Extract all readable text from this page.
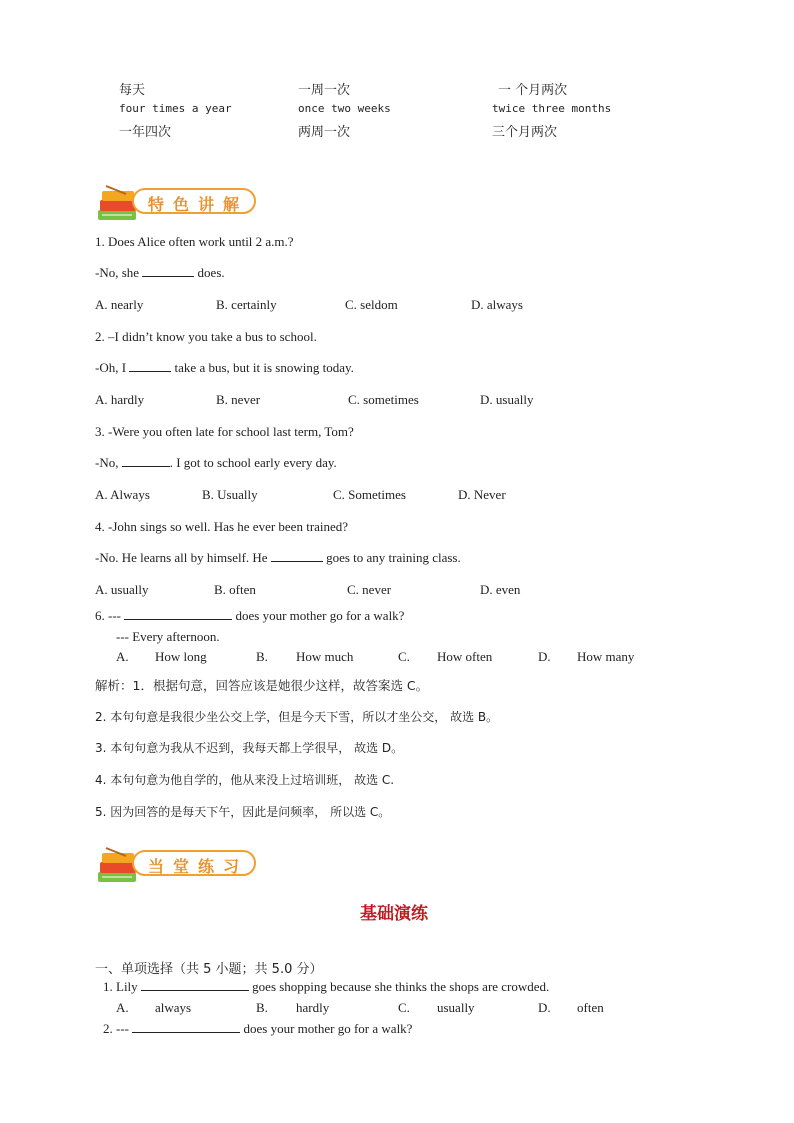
每天	一周一次	一 个月两次
four times a year	once two weeks	twice three months
一年四次	两周一次	三个月两次
特色讲解
1. Does Alice often work until 2 a.m.?
-No, she	does.
A. nearly	B. certainly	C. seldom	D. always
2. –I didn’t know you take a bus to school.
-Oh, I	take a bus, but it is snowing today.
A. hardly	B. never	C. sometimes	D. usually
3. -Were you often late for school last term, Tom?
-No,	. I got to school early every day.
A. Always	B. Usually	C. Sometimes	D. Never
4. -John sings so well. Has he ever been trained?
-No. He learns all by himself. He	goes to any training class.
A. usually	B. often	C. never	D. even
6. ---	does your mother go for a walk?
--- Every afternoon.
A. How long	B. How much	C. How often	D. How many
解析：1．根据句意，回答应该是她很少这样，故答案选 C。
2. 本句句意是我很少坐公交上学，但是今天下雪，所以才坐公交， 故选 B。
3. 本句句意为我从不迟到，我每天都上学很早， 故选 D。
4. 本句句意为他自学的，他从来没上过培训班， 故选 C.
5. 因为回答的是每天下午，因此是问频率， 所以选 C。
当堂练习
基础演练
一、单项选择（共 5 小题；共 5.0 分）
1. Lily	goes shopping because she thinks the shops are crowded.
A. always	B. hardly	C. usually	D. often
2. ---	does your mother go for a walk?
